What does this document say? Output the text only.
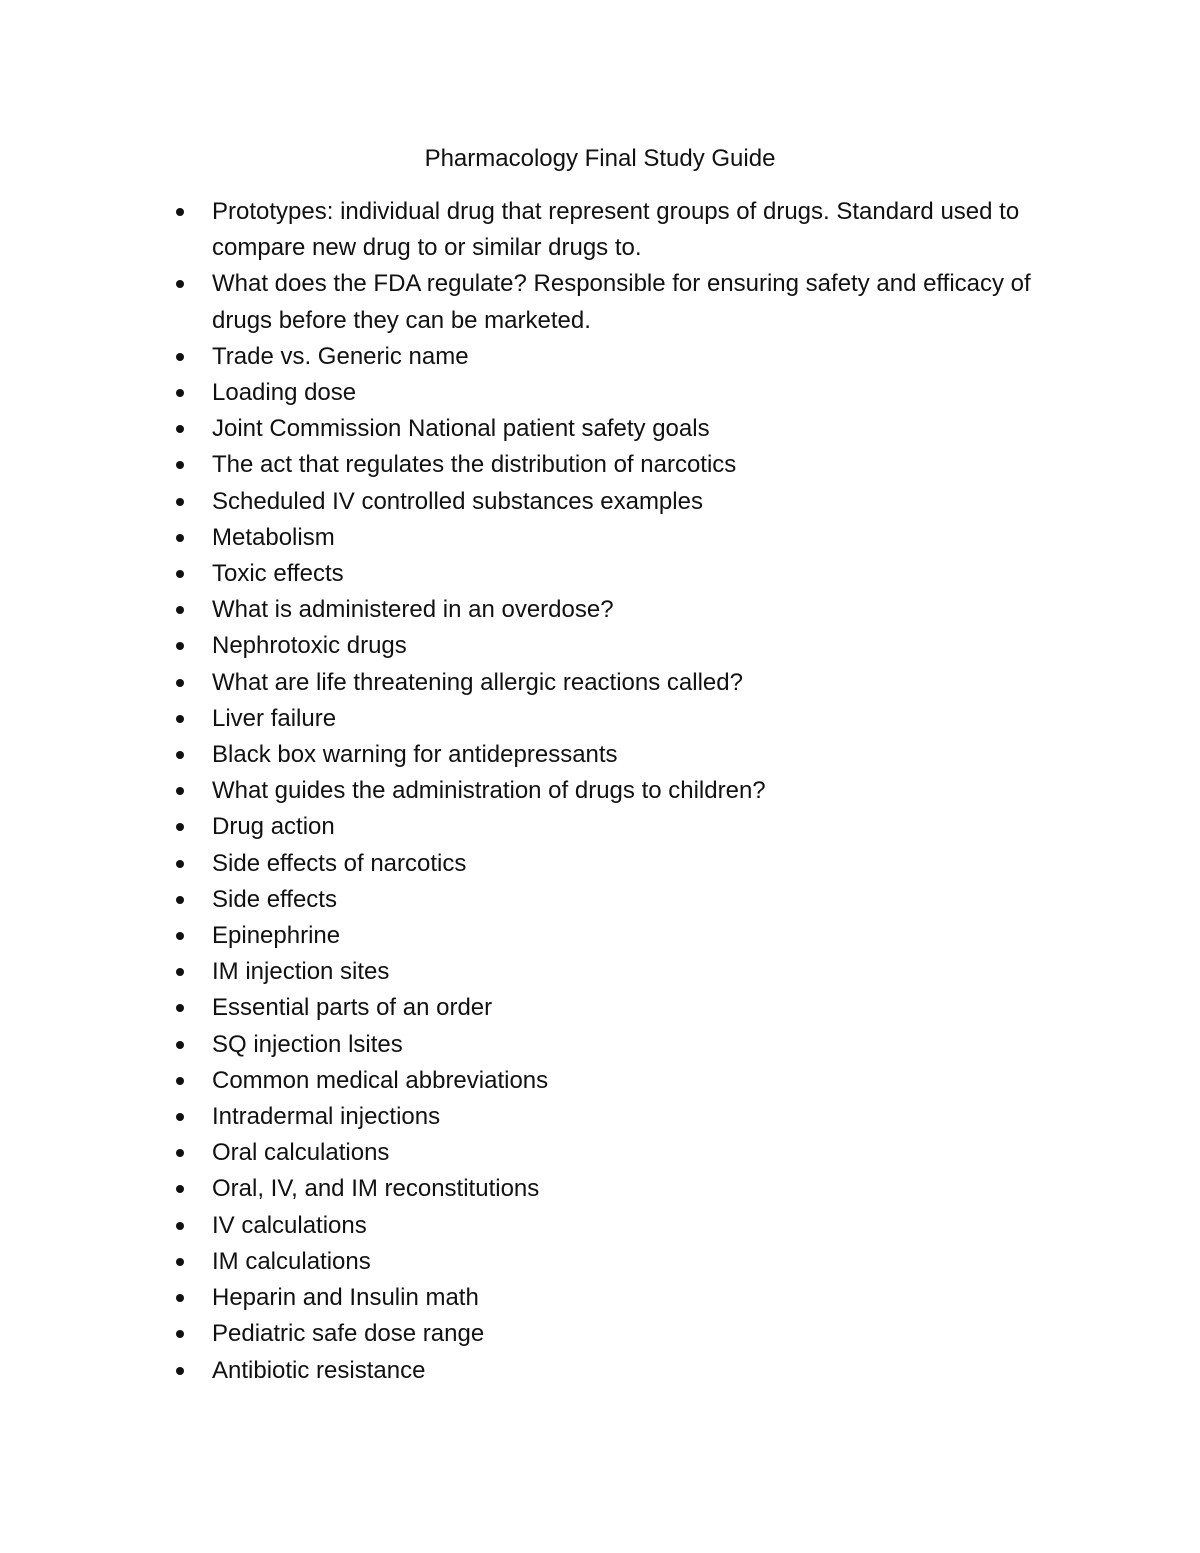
Pharmacology Final Study Guide
Prototypes: individual drug that represent groups of drugs. Standard used to compare new drug to or similar drugs to.
What does the FDA regulate? Responsible for ensuring safety and efficacy of drugs before they can be marketed.
Trade vs. Generic name
Loading dose
Joint Commission National patient safety goals
The act that regulates the distribution of narcotics
Scheduled IV controlled substances examples
Metabolism
Toxic effects
What is administered in an overdose?
Nephrotoxic drugs
What are life threatening allergic reactions called?
Liver failure
Black box warning for antidepressants
What guides the administration of drugs to children?
Drug action
Side effects of narcotics
Side effects
Epinephrine
IM injection sites
Essential parts of an order
SQ injection lsites
Common medical abbreviations
Intradermal injections
Oral calculations
Oral, IV, and IM reconstitutions
IV calculations
IM calculations
Heparin and Insulin math
Pediatric safe dose range
Antibiotic resistance
